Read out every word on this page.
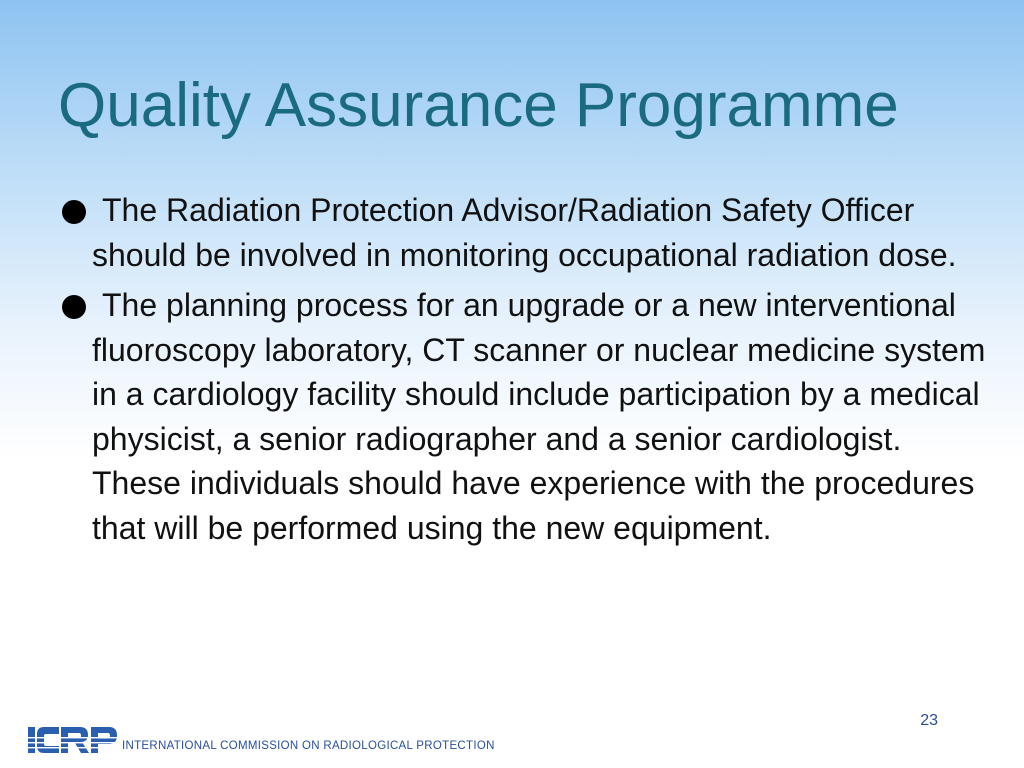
Quality Assurance Programme
The Radiation Protection Advisor/Radiation Safety Officer should be involved in monitoring occupational radiation dose.
The planning process for an upgrade or a new interventional fluoroscopy laboratory, CT scanner or nuclear medicine system in a cardiology facility should include participation by a medical physicist, a senior radiographer and a senior cardiologist. These individuals should have experience with the procedures that will be performed using the new equipment.
23
INTERNATIONAL COMMISSION ON RADIOLOGICAL PROTECTION
